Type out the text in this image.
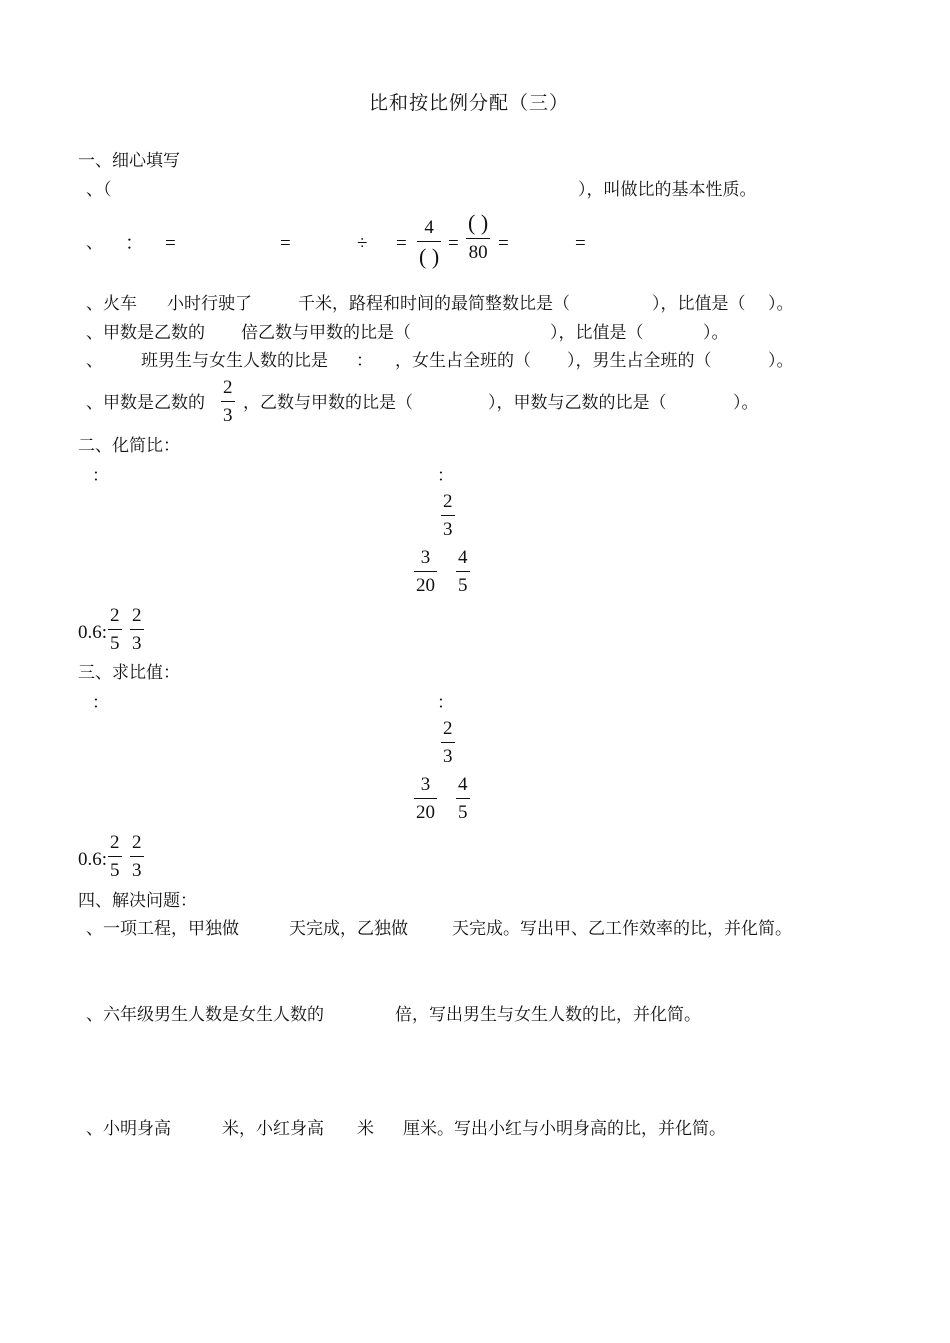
比和按比例分配（三）
一、细心填写
、（	），叫做比的基本性质。
、 ： =	=	÷ =
4
( )
=
( )
80 =	=
、火车 小时行驶了	千米，路程和时间的最简整数比是（	），比值是（ ）。
、甲数是乙数的 倍乙数与甲数的比是（	），比值是（	）。
、 班男生与女生人数的比是 ： ，女生占全班的（ ），男生占全班的（	）。
、甲数是乙数的
2
3
，乙数与甲数的比是（	），甲数与乙数的比是（	）。
二、化简比：
：	：
2
3
3
20
4
5
0.6:
2
5
2
3
三、求比值：
：	：
2
3
3
20
4
5
0.6:
2
5
2
3
四、解决问题：
、一项工程，甲独做	天完成，乙独做	天完成。写出甲、乙工作效率的比，并化简。
、六年级男生人数是女生人数的	倍，写出男生与女生人数的比，并化简。
、小明身高	米，小红身高 米 厘米。写出小红与小明身高的比，并化简。
